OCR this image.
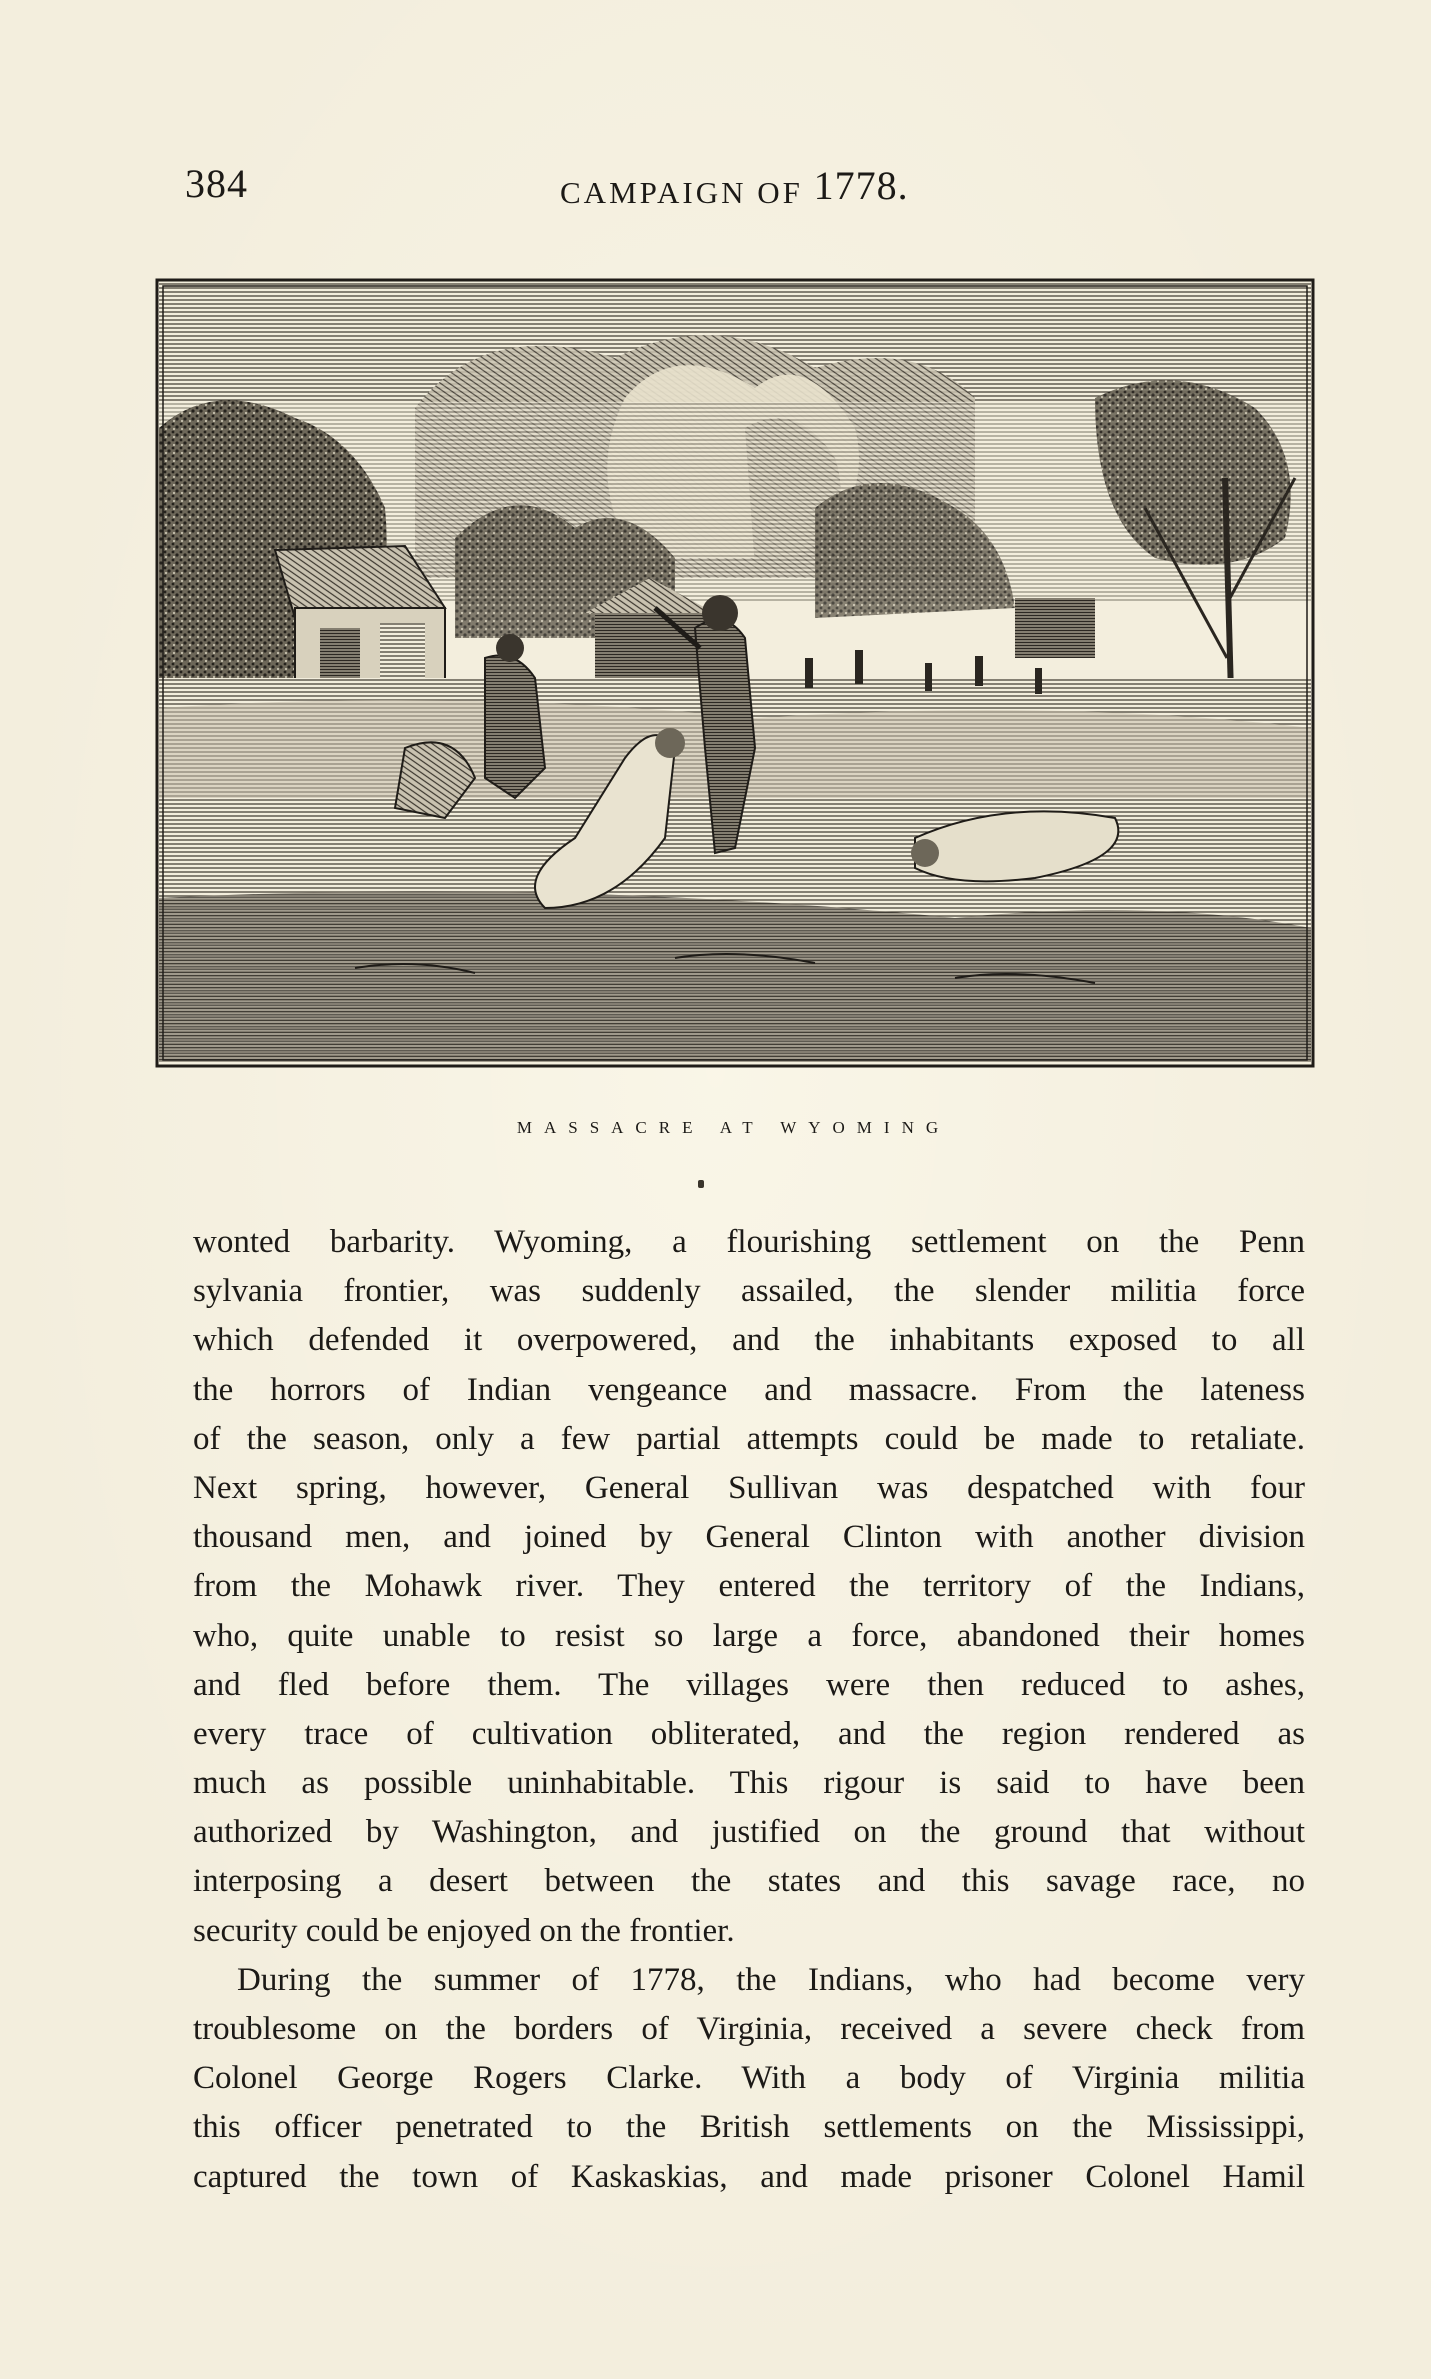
384	CAMPAIGN OF 1778.
MASSACRE AT WYOMING
wonted barbarity. Wyoming, a flourishing settlement on the Penn
sylvania frontier, was suddenly assailed, the slender militia force
which defended it overpowered, and the inhabitants exposed to all
the horrors of Indian vengeance and massacre. From the lateness
of the season, only a few partial attempts could be made to retaliate.
Next spring, however, General Sullivan was despatched with four
thousand men, and joined by General Clinton with another division
from the Mohawk river. They entered the territory of the Indians,
who, quite unable to resist so large a force, abandoned their homes
and fled before them. The villages were then reduced to ashes,
every trace of cultivation obliterated, and the region rendered as
much as possible uninhabitable. This rigour is said to have been
authorized by Washington, and justified on the ground that without
interposing a desert between the states and this savage race, no
security could be enjoyed on the frontier.
During the summer of 1778, the Indians, who had become very
troublesome on the borders of Virginia, received a severe check from
Colonel George Rogers Clarke. With a body of Virginia militia
this officer penetrated to the British settlements on the Mississippi,
captured the town of Kaskaskias, and made prisoner Colonel Hamil
